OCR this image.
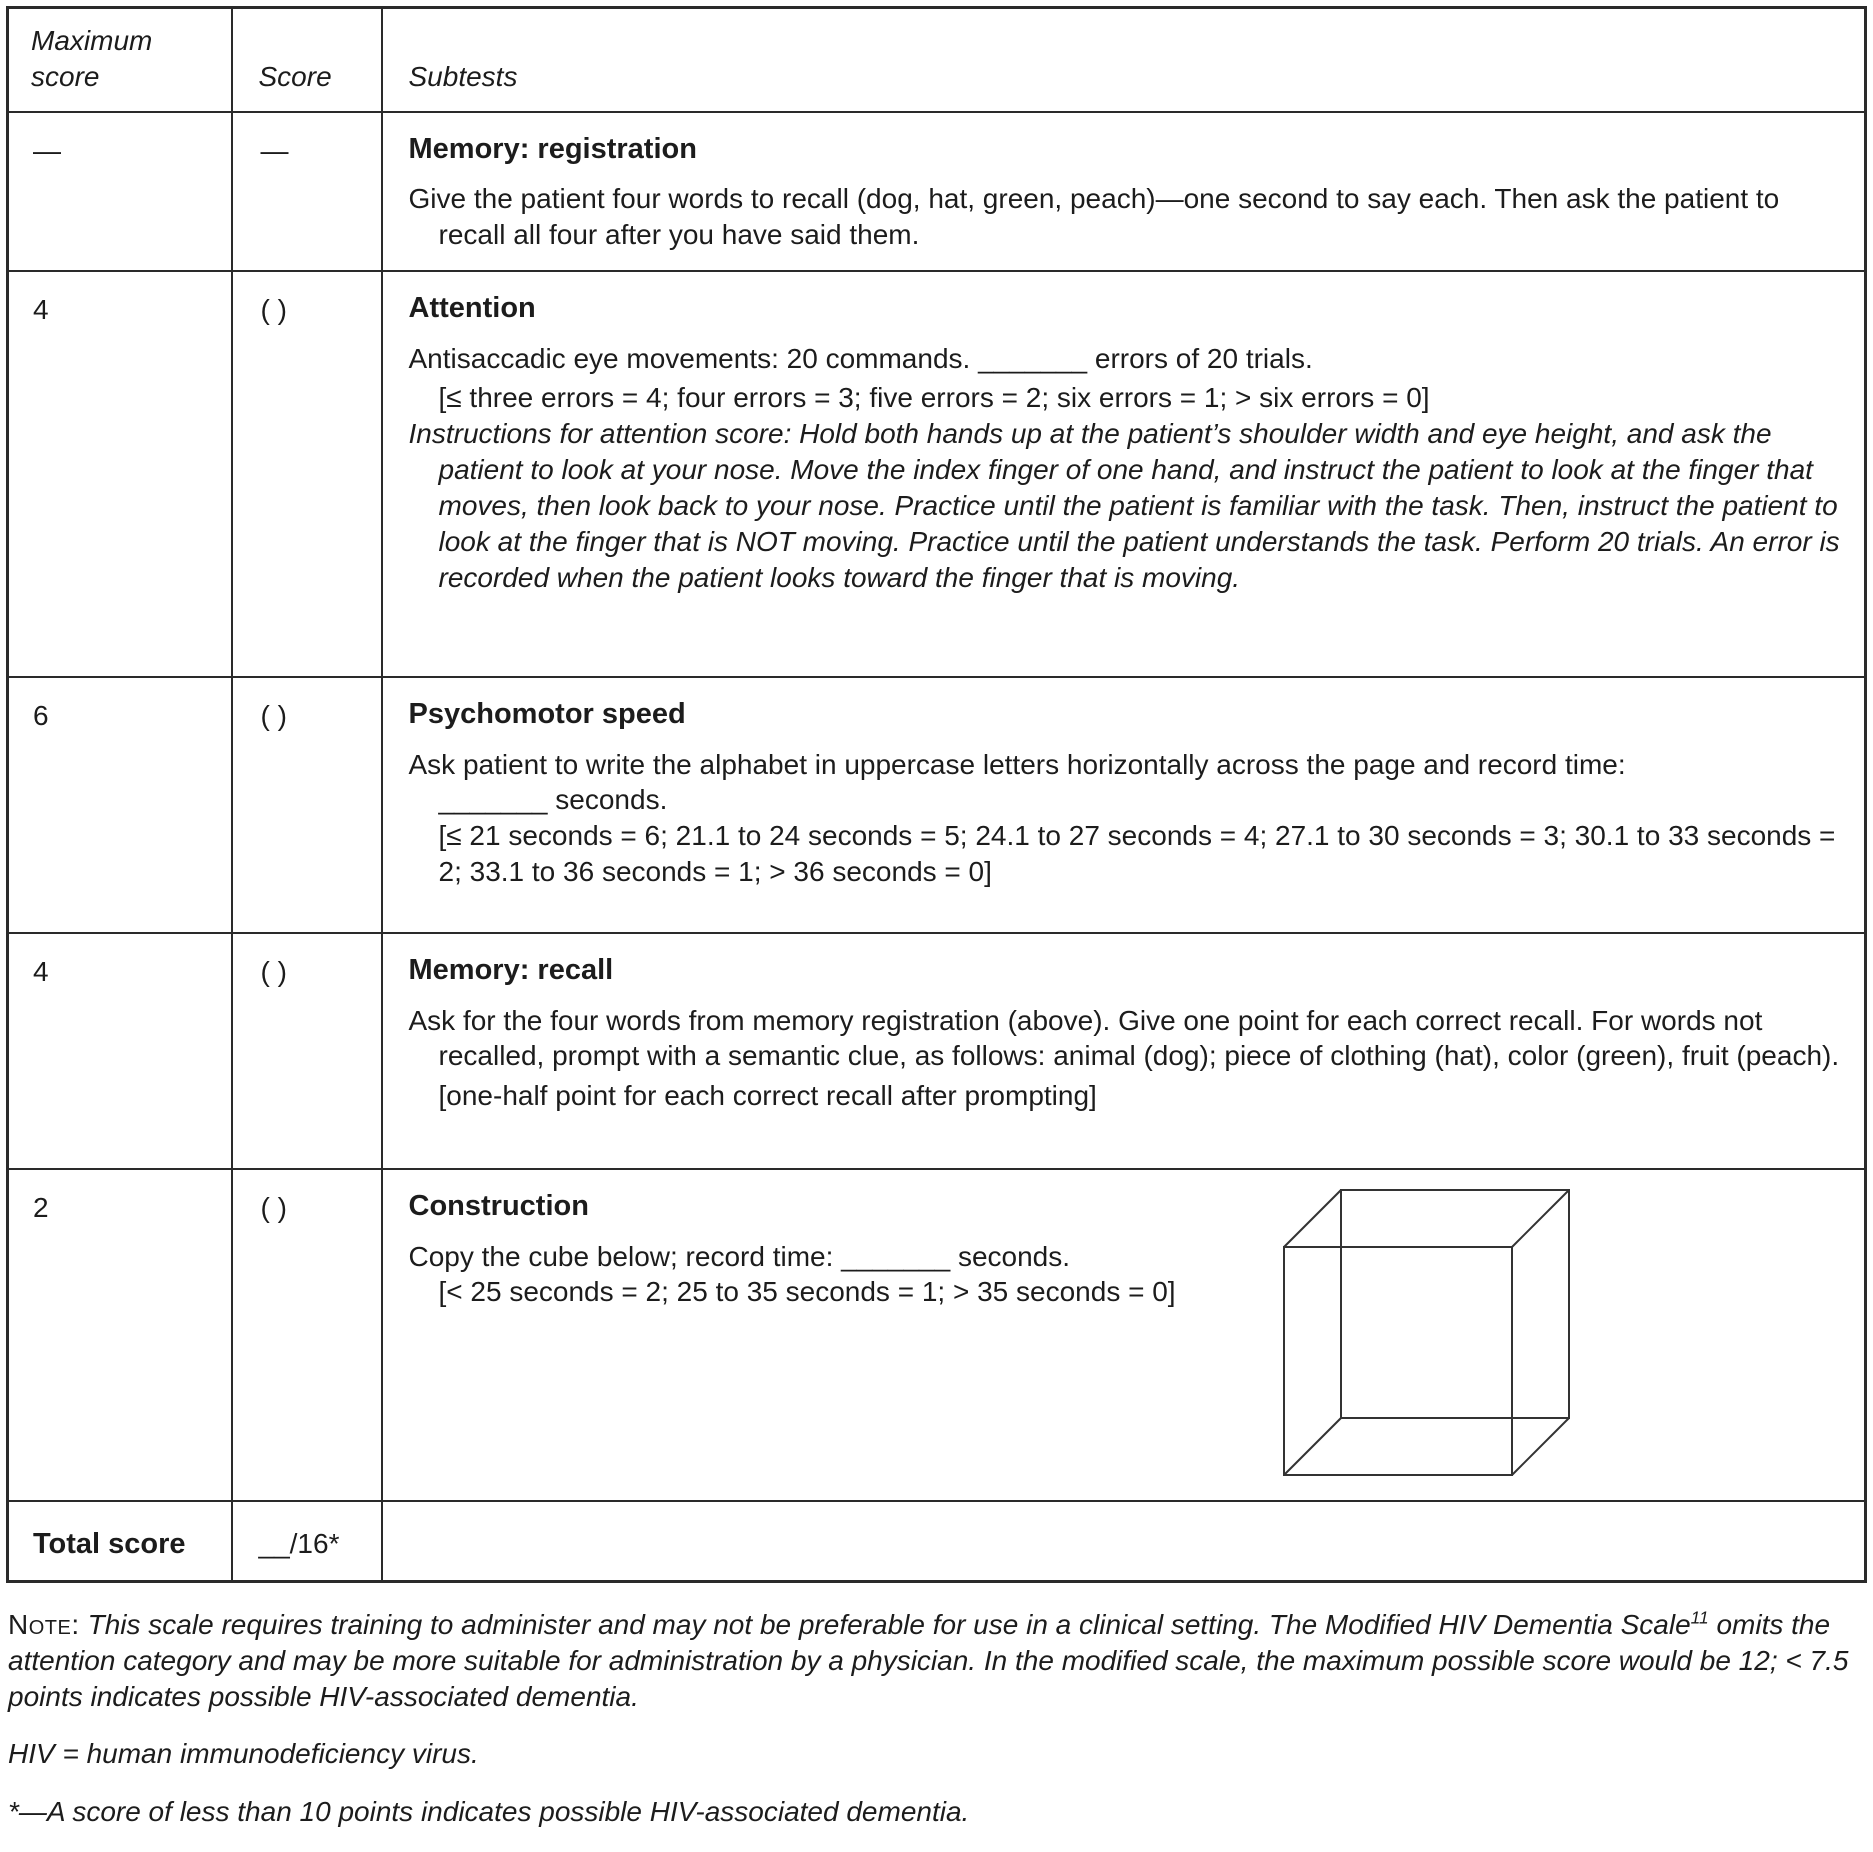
Maximum score	Score	Subtests
—	—	Memory: registration

Give the patient four words to recall (dog, hat, green, peach)—one second to say each. Then ask the patient to recall all four after you have said them.

4	( )	Attention

Antisaccadic eye movements: 20 commands. _______ errors of 20 trials.

[≤ three errors = 4; four errors = 3; five errors = 2; six errors = 1; > six errors = 0]

Instructions for attention score: Hold both hands up at the patient’s shoulder width and eye height, and ask the patient to look at your nose. Move the index finger of one hand, and instruct the patient to look at the finger that moves, then look back to your nose. Practice until the patient is familiar with the task. Then, instruct the patient to look at the finger that is NOT moving. Practice until the patient understands the task. Perform 20 trials. An error is recorded when the patient looks toward the finger that is moving.

6	( )	Psychomotor speed
Ask patient to write the alphabet in uppercase letters horizontally across the page and record time:
_______ seconds.
[≤ 21 seconds = 6; 21.1 to 24 seconds = 5; 24.1 to 27 seconds = 4; 27.1 to 30 seconds = 3; 30.1 to 33 seconds = 2; 33.1 to 36 seconds = 1; > 36 seconds = 0]

4	( )	Memory: recall

Ask for the four words from memory registration (above). Give one point for each correct recall. For words not recalled, prompt with a semantic clue, as follows: animal (dog); piece of clothing (hat), color (green), fruit (peach).

[one-half point for each correct recall after prompting]

2	( )	Construction
Copy the cube below; record time: _______ seconds.
[< 25 seconds = 2; 25 to 35 seconds = 1; > 35 seconds = 0]

Total score	__/16*	

Note: This scale requires training to administer and may not be preferable for use in a clinical setting. The Modified HIV Dementia Scale$^{11}$ omits the attention category and may be more suitable for administration by a physician. In the modified scale, the maximum possible score would be 12; < 7.5 points indicates possible HIV-associated dementia.

HIV = human immunodeficiency virus.

*—A score of less than 10 points indicates possible HIV-associated dementia.
